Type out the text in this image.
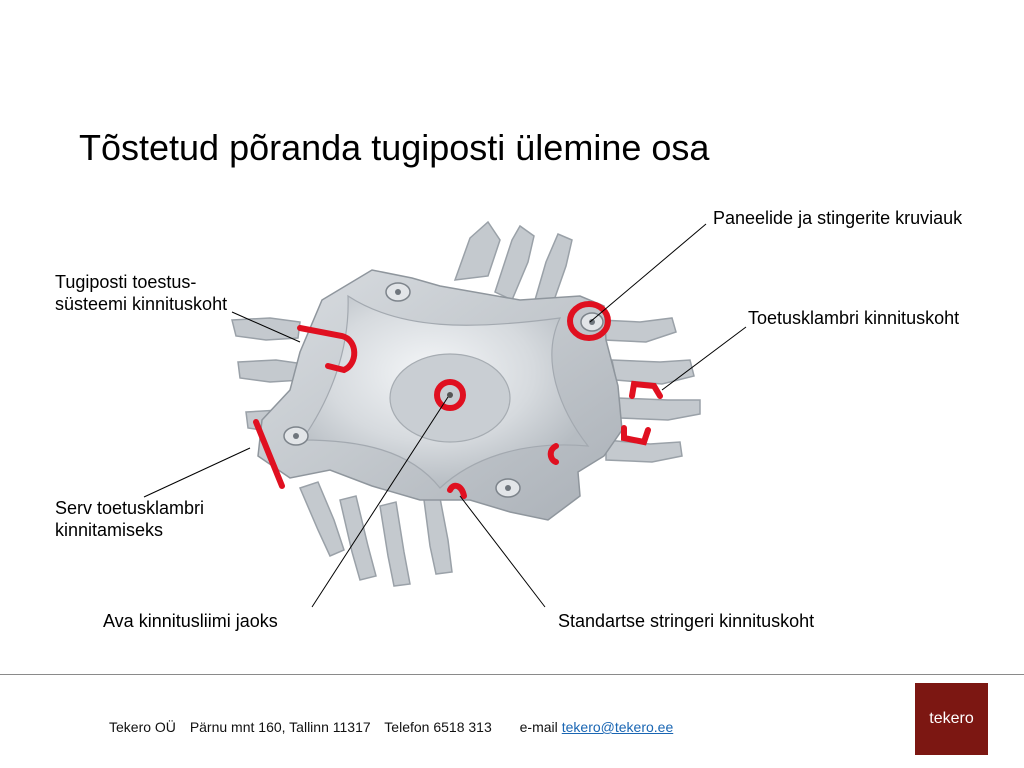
Tõstetud põranda tugiposti ülemine osa
Paneelide ja stingerite kruviauk
Tugiposti toestus-
süsteemi kinnituskoht
Toetusklambri kinnituskoht
Serv toetusklambri
kinnitamiseks
Ava kinnitusliimi jaoks	Standartse stringeri kinnituskoht
Tekero OÜ Pärnu mnt 160, Tallinn 11317 Telefon 6518 313 e-mail tekero@tekero.ee	tekero
